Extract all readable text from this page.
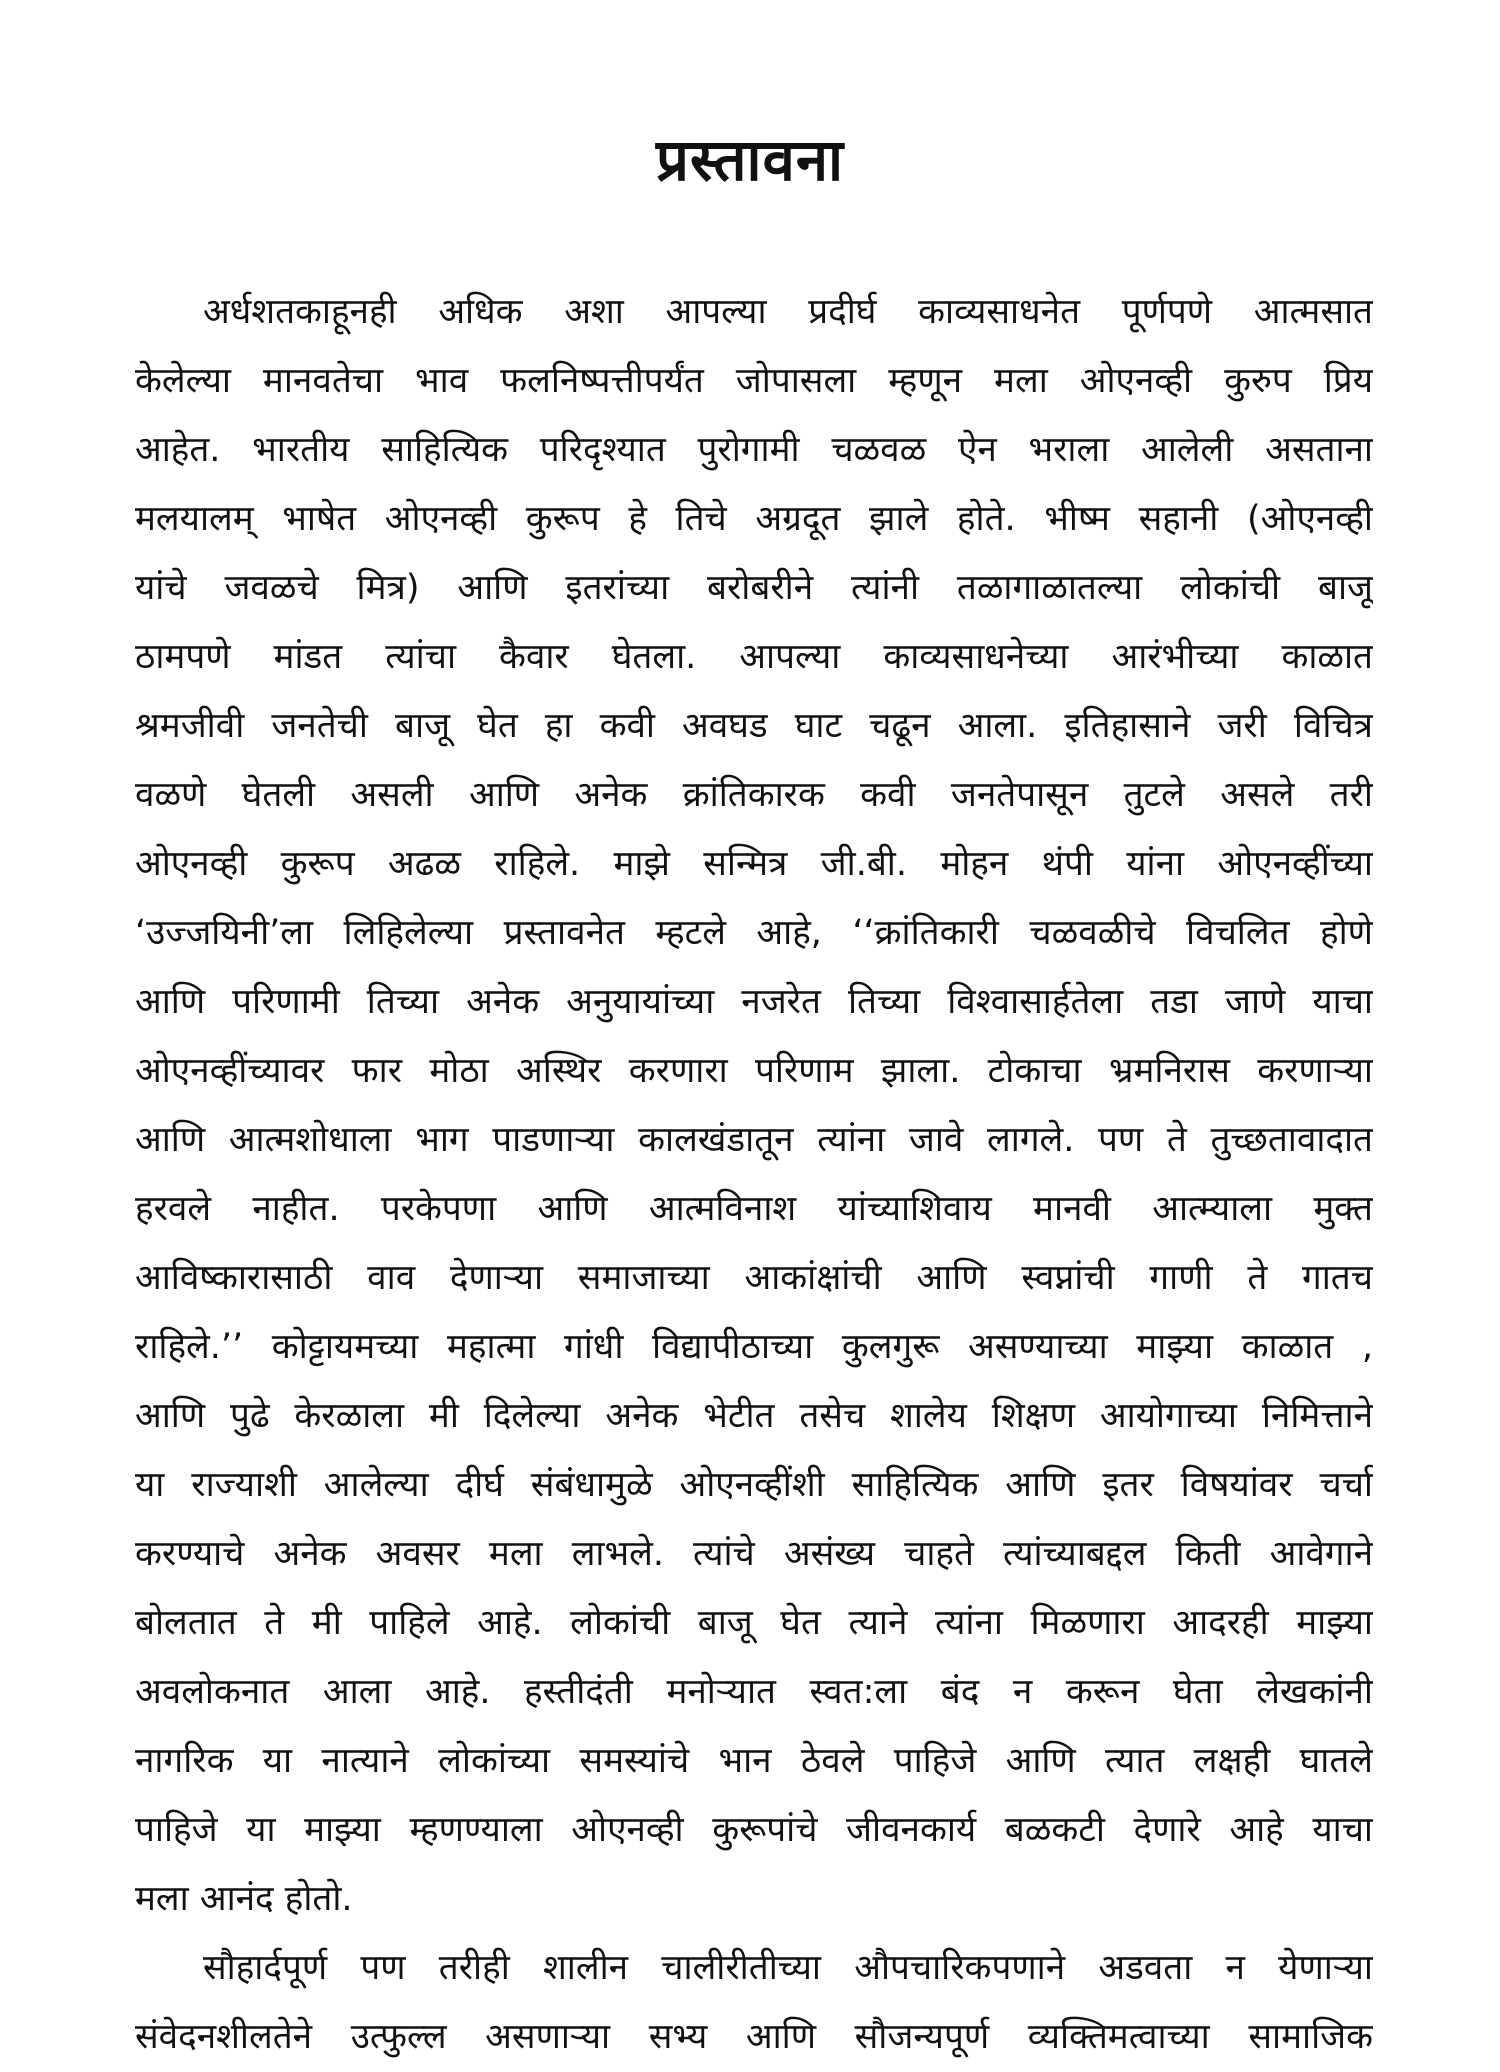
प्रस्तावना
अर्धशतकाहूनही अधिक अशा आपल्या प्रदीर्घ काव्यसाधनेत पूर्णपणे आत्मसात
केलेल्या मानवतेचा भाव फलनिष्पत्तीपर्यंत जोपासला म्हणून मला ओएनव्ही कुरुप प्रिय
आहेत. भारतीय साहित्यिक परिदृश्यात पुरोगामी चळवळ ऐन भराला आलेली असताना
मलयालम् भाषेत ओएनव्ही कुरूप हे तिचे अग्रदूत झाले होते. भीष्म सहानी (ओएनव्ही
यांचे जवळचे मित्र) आणि इतरांच्या बरोबरीने त्यांनी तळागाळातल्या लोकांची बाजू
ठामपणे मांडत त्यांचा कैवार घेतला. आपल्या काव्यसाधनेच्या आरंभीच्या काळात
श्रमजीवी जनतेची बाजू घेत हा कवी अवघड घाट चढून आला. इतिहासाने जरी विचित्र
वळणे घेतली असली आणि अनेक क्रांतिकारक कवी जनतेपासून तुटले असले तरी
ओएनव्ही कुरूप अढळ राहिले. माझे सन्मित्र जी.बी. मोहन थंपी यांना ओएनव्हींच्या
‘उज्जयिनी’ला लिहिलेल्या प्रस्तावनेत म्हटले आहे, ‘‘क्रांतिकारी चळवळीचे विचलित होणे
आणि परिणामी तिच्या अनेक अनुयायांच्या नजरेत तिच्या विश्वासार्हतेला तडा जाणे याचा
ओएनव्हींच्यावर फार मोठा अस्थिर करणारा परिणाम झाला. टोकाचा भ्रमनिरास करणाऱ्या
आणि आत्मशोधाला भाग पाडणाऱ्या कालखंडातून त्यांना जावे लागले. पण ते तुच्छतावादात
हरवले नाहीत. परकेपणा आणि आत्मविनाश यांच्याशिवाय मानवी आत्म्याला मुक्त
आविष्कारासाठी वाव देणाऱ्या समाजाच्या आकांक्षांची आणि स्वप्नांची गाणी ते गातच
राहिले.’’ कोट्टायमच्या महात्मा गांधी विद्यापीठाच्या कुलगुरू असण्याच्या माझ्या काळात ,
आणि पुढे केरळाला मी दिलेल्या अनेक भेटीत तसेच शालेय शिक्षण आयोगाच्या निमित्ताने
या राज्याशी आलेल्या दीर्घ संबंधामुळे ओएनव्हींशी साहित्यिक आणि इतर विषयांवर चर्चा
करण्याचे अनेक अवसर मला लाभले. त्यांचे असंख्य चाहते त्यांच्याबद्दल किती आवेगाने
बोलतात ते मी पाहिले आहे. लोकांची बाजू घेत त्याने त्यांना मिळणारा आदरही माझ्या
अवलोकनात आला आहे. हस्तीदंती मनोऱ्यात स्वत:ला बंद न करून घेता लेखकांनी
नागरिक या नात्याने लोकांच्या समस्यांचे भान ठेवले पाहिजे आणि त्यात लक्षही घातले
पाहिजे या माझ्या म्हणण्याला ओएनव्ही कुरूपांचे जीवनकार्य बळकटी देणारे आहे याचा
मला आनंद होतो.
सौहार्दपूर्ण पण तरीही शालीन चालीरीतीच्या औपचारिकपणाने अडवता न येणाऱ्या
संवेदनशीलतेने उत्फुल्ल असणाऱ्या सभ्य आणि सौजन्यपूर्ण व्यक्तिमत्वाच्या सामाजिक
